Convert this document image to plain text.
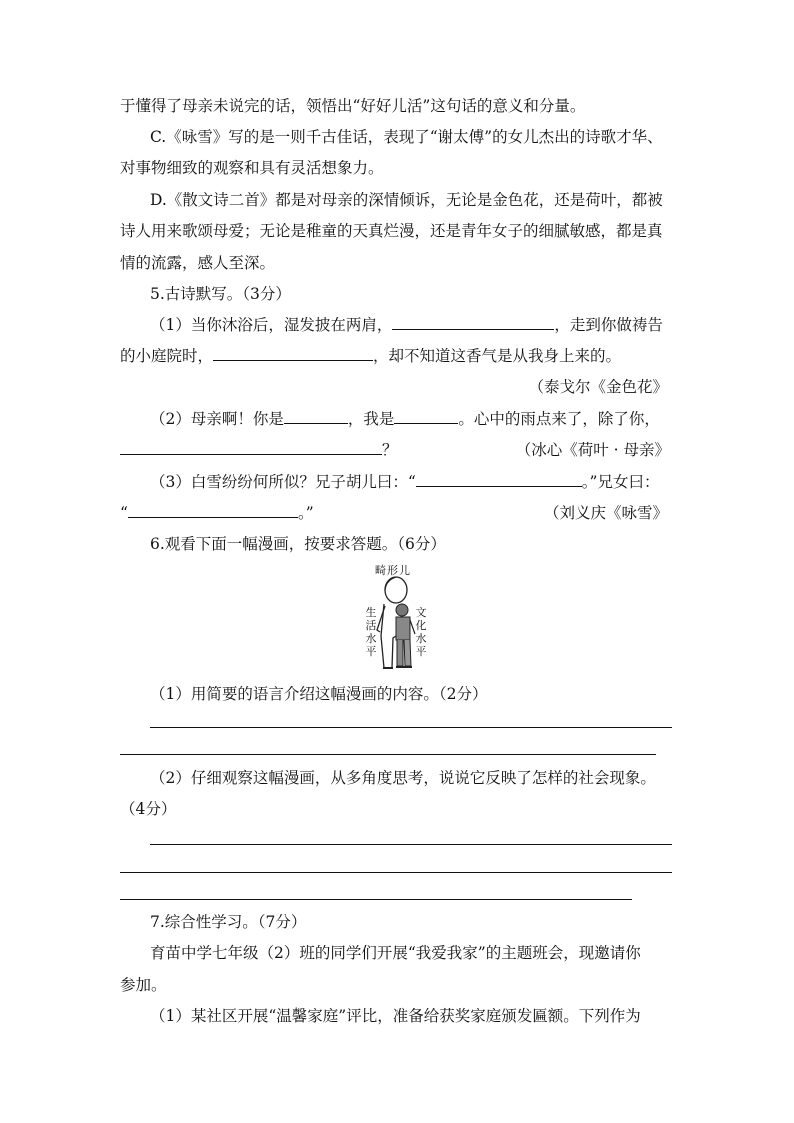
于懂得了母亲未说完的话，领悟出“好好儿活”这句话的意义和分量。
C.《咏雪》写的是一则千古佳话，表现了“谢太傅”的女儿杰出的诗歌才华、
对事物细致的观察和具有灵活想象力。
D.《散文诗二首》都是对母亲的深情倾诉，无论是金色花，还是荷叶，都被
诗人用来歌颂母爱；无论是稚童的天真烂漫，还是青年女子的细腻敏感，都是真
情的流露，感人至深。
5.古诗默写。（3分）
（1）当你沐浴后，湿发披在两肩，	，走到你做祷告
的小庭院时，	，却不知道这香气是从我身上来的。
（泰戈尔《金色花》
（2）母亲啊！你是	，我是	。心中的雨点来了，除了你，
？	（冰心《荷叶 · 母亲》
（3）白雪纷纷何所似？兄子胡儿曰：“	。”兄女曰：
“	。”	（刘义庆《咏雪》
6.观看下面一幅漫画，按要求答题。（6分）
畸形儿
生
活
水
平
文
化
水
平
（1）用简要的语言介绍这幅漫画的内容。（2分）
（2）仔细观察这幅漫画，从多角度思考，说说它反映了怎样的社会现象。
（4分）
7.综合性学习。（7分）
育苗中学七年级（2）班的同学们开展“我爱我家”的主题班会，现邀请你
参加。
（1）某社区开展“温馨家庭”评比，准备给获奖家庭颁发匾额。下列作为
